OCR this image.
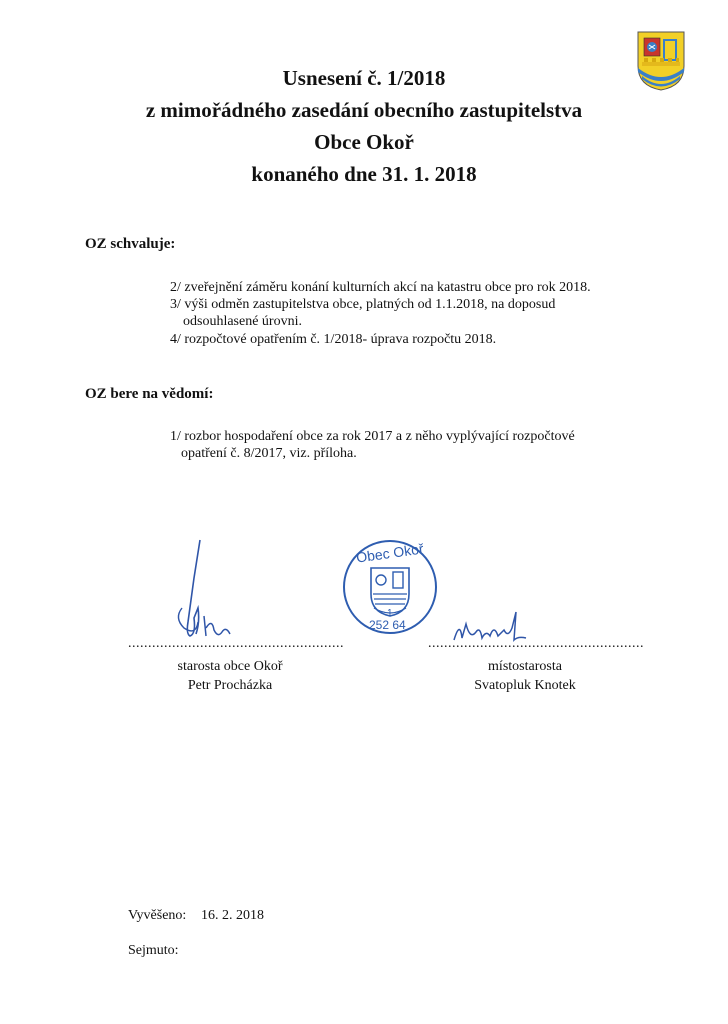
Usnesení č. 1/2018
z mimořádného zasedání obecního zastupitelstva
Obce Okoř
konaného dne 31. 1. 2018
OZ schvaluje:
2/ zveřejnění záměru konání kulturních akcí na katastru obce pro rok 2018.
3/ výši odměn zastupitelstva obce, platných od 1.1.2018, na doposud
odsouhlasené úrovni.
4/ rozpočtové opatřením č. 1/2018- úprava rozpočtu 2018.
OZ bere na vědomí:
1/ rozbor hospodaření obce za rok 2017 a z něho vyplývající rozpočtové
opatření č. 8/2017, viz. příloha.
Obec Okoř
1
252 64
......................................................	......................................................
starosta obce Okoř
Petr Procházka
místostarosta
Svatopluk Knotek
Vyvěšeno: 16. 2. 2018
Sejmuto:
